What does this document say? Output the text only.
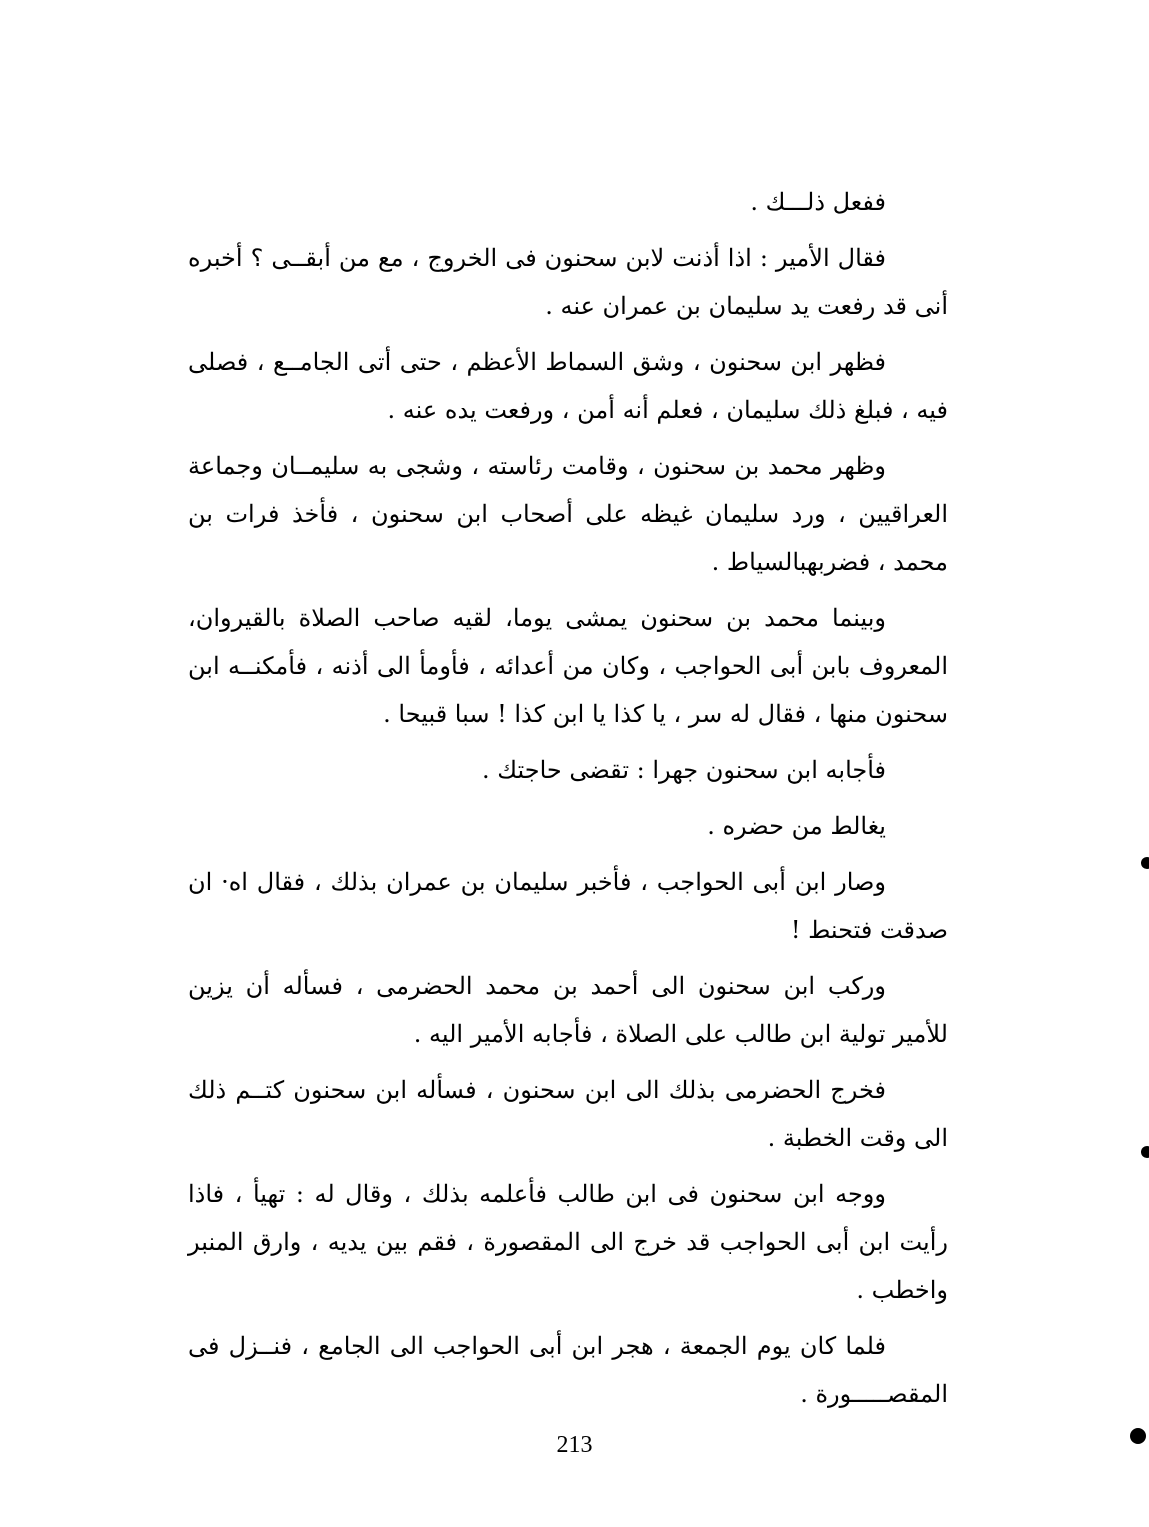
ففعل ذلـــك .

فقال الأمير : اذا أذنت لابن سحنون فى الخروج ، مع من أبقــى ؟ أخبره أنى قد رفعت يد سليمان بن عمران عنه .

فظهر ابن سحنون ، وشق السماط الأعظم ، حتى أتى الجامــع ، فصلى فيه ، فبلغ ذلك سليمان ، فعلم أنه أمن ، ورفعت يده عنه .

وظهر محمد بن سحنون ، وقامت رئاسته ، وشجى به سليمــان وجماعة العراقيين ، ورد سليمان غيظه على أصحاب ابن سحنون ، فأخذ فرات بن محمد ، فضربهبالسياط .

وبينما محمد بن سحنون يمشى يوما، لقيه صاحب الصلاة بالقيروان، المعروف بابن أبى الحواجب ، وكان من أعدائه ، فأومأ الى أذنه ، فأمكنــه ابن سحنون منها ، فقال له سر ، يا كذا يا ابن كذا ! سبا قبيحا .

فأجابه ابن سحنون جهرا : تقضى حاجتك .

يغالط من حضره .

وصار ابن أبى الحواجب ، فأخبر سليمان بن عمران بذلك ، فقال اه· ان صدقت فتحنط !

وركب ابن سحنون الى أحمد بن محمد الحضرمى ، فسأله أن يزين للأمير تولية ابن طالب على الصلاة ، فأجابه الأمير اليه .

فخرج الحضرمى بذلك الى ابن سحنون ، فسأله ابن سحنون كتــم ذلك الى وقت الخطبة .

ووجه ابن سحنون فى ابن طالب فأعلمه بذلك ، وقال له : تهيأ ، فاذا رأيت ابن أبى الحواجب قد خرج الى المقصورة ، فقم بين يديه ، وارق المنبر واخطب .

فلما كان يوم الجمعة ، هجر ابن أبى الحواجب الى الجامع ، فنــزل فى المقصـــــورة .

213
